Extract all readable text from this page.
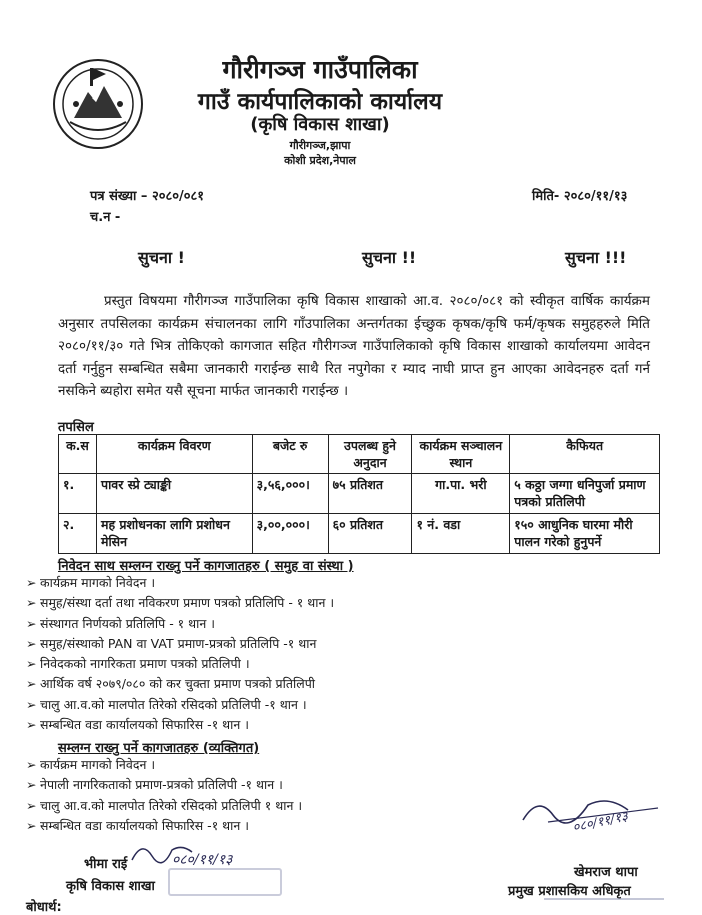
गौरीगञ्ज गाउँपालिका
गाउँ कार्यपालिकाको कार्यालय
(कृषि विकास शाखा)
गौरीगञ्ज,झापा
कोशी प्रदेश,नेपाल
पत्र संख्या – २०८०/०८१
च.न -
मिति- २०८०/११/१३
सुचना !	सुचना !!	सुचना !!!
प्रस्तुत विषयमा गौरीगञ्ज गाउँपालिका कृषि विकास शाखाको आ.व. २०८०/०८१ को स्वीकृत वार्षिक कार्यक्रम अनुसार तपसिलका कार्यक्रम संचालनका लागि गाँउपालिका अन्तर्गतका ईच्छुक कृषक/कृषि फर्म/कृषक समुहहरुले मिति २०८०/११/३० गते भित्र तोकिएको कागजात सहित गौरीगञ्ज गाउँपालिकाको कृषि विकास शाखाको कार्यालयमा आवेदन दर्ता गर्नुहुन सम्बन्धित सबैमा जानकारी गराईन्छ साथै रित नपुगेका र म्याद नाघी प्राप्त हुन आएका आवेदनहरु दर्ता गर्न नसकिने ब्यहोरा समेत यसै सूचना मार्फत जानकारी गराईन्छ ।
तपसिल
क.स	कार्यक्रम विवरण	बजेट रु	उपलब्ध हुने अनुदान	कार्यक्रम सञ्चालन स्थान	कैफियत
१.	पावर स्प्रे ट्याङ्की	३,५६,०००।	७५ प्रतिशत	गा.पा. भरी	५ कठ्ठा जग्गा धनिपुर्जा प्रमाण पत्रको प्रतिलिपी
२.	मह प्रशोधनका लागि प्रशोधन मेसिन	३,००,०००।	६० प्रतिशत	१ नं. वडा	१५० आधुनिक घारमा मौरी पालन गरेको हुनुपर्ने
निवेदन साथ सम्लग्न राख्नु पर्ने कागजातहरु ( समुह वा संस्था )
➢ कार्यक्रम मागको निवेदन ।
➢ समुह/संस्था दर्ता तथा नविकरण प्रमाण पत्रको प्रतिलिपि - १ थान ।
➢ संस्थागत निर्णयको प्रतिलिपि - १ थान ।
➢ समुह/संस्थाको PAN वा VAT प्रमाण-प्रत्रको प्रतिलिपि -१ थान
➢ निवेदकको नागरिकता प्रमाण पत्रको प्रतिलिपी ।
➢ आर्थिक वर्ष २०७९/०८० को कर चुक्ता प्रमाण पत्रको प्रतिलिपी
➢ चालु आ.व.को मालपोत तिरेको रसिदको प्रतिलिपी -१ थान ।
➢ सम्बन्धित वडा कार्यालयको सिफारिस -१ थान ।
सम्लग्न राख्नु पर्ने कागजातहरु (व्यक्तिगत)
➢ कार्यक्रम मागको निवेदन ।
➢ नेपाली नागरिकताको प्रमाण-प्रत्रको प्रतिलिपी -१ थान ।
➢ चालु आ.व.को मालपोत तिरेको रसिदको प्रतिलिपी १ थान ।
➢ सम्बन्धित वडा कार्यालयको सिफारिस -१ थान ।	०८०/११/१३
भीमा राई	०८०/११/१३
कृषि विकास शाखा
बोधार्थ:
खेमराज थापा
प्रमुख प्रशासकिय अधिकृत
